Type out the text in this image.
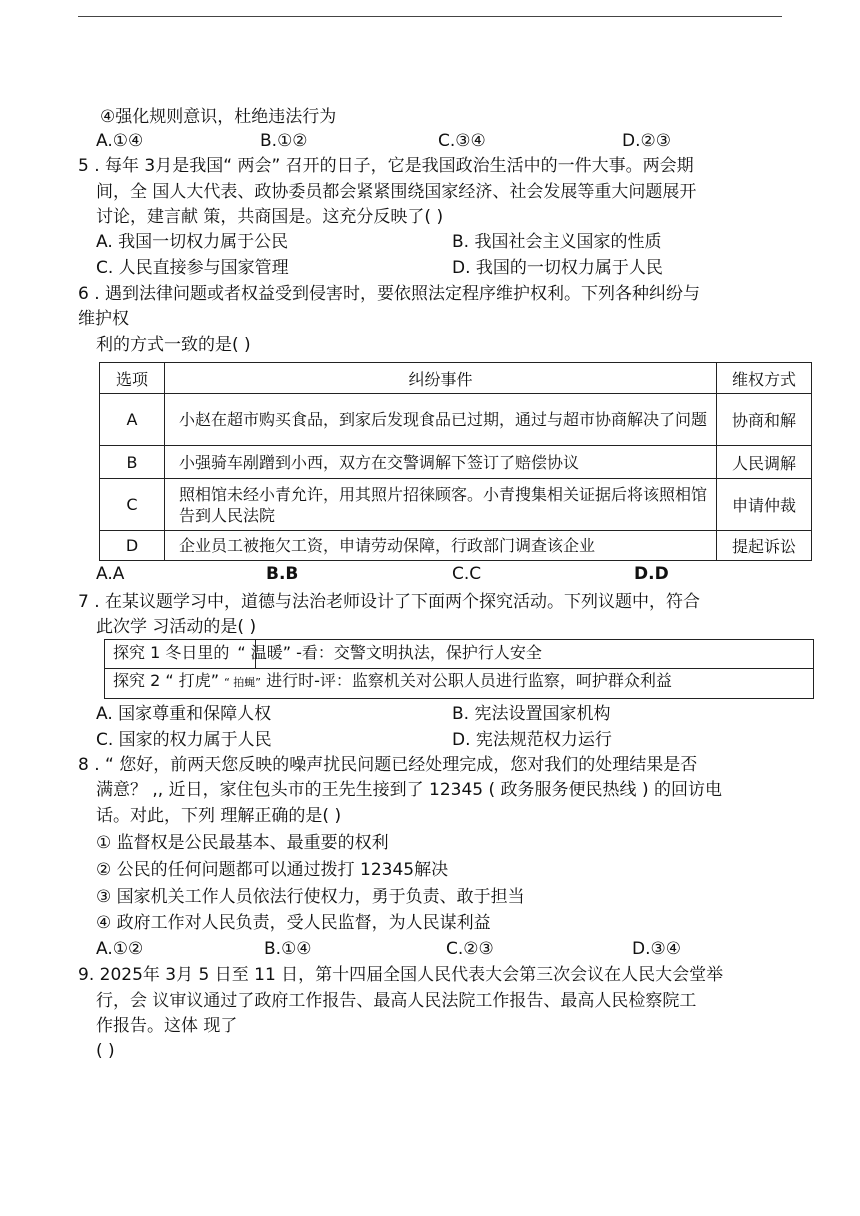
④强化规则意识，杜绝违法行为
A.①④	B.①②	C.③④	D.②③
5 . 每年 3月是我国“ 两会” 召开的日子，它是我国政治生活中的一件大事。两会期
间，全 国人大代表、政协委员都会紧紧围绕国家经济、社会发展等重大问题展开
讨论，建言献 策，共商国是。这充分反映了( )
A. 我国一切权力属于公民	B. 我国社会主义国家的性质
C. 人民直接参与国家管理	D. 我国的一切权力属于人民
6 . 遇到法律问题或者权益受到侵害时，要依照法定程序维护权利。下列各种纠纷与
维护权
利的方式一致的是( )
选项	纠纷事件	维权方式
A	小赵在超市购买食品，到家后发现食品已过期，通过与超市协商解决了问题	协商和解
B	小强骑车剐蹭到小西，双方在交警调解下签订了赔偿协议	人民调解
C	照相馆未经小青允许，用其照片招徕顾客。小青搜集相关证据后将该照相馆告到人民法院	申请仲裁
D	企业员工被拖欠工资，申请劳动保障，行政部门调查该企业	提起诉讼
A.A	B.B	C.C	D.D
7 . 在某议题学习中，道德与法治老师设计了下面两个探究活动。下列议题中，符合
此次学 习活动的是( )
探究 1 冬日里的 “ 温暖” -看：交警文明执法，保护行人安全
探究 2 “ 打虎” “ 拍蝇” 进行时-评：监察机关对公职人员进行监察，呵护群众利益
A. 国家尊重和保障人权	B. 宪法设置国家机构
C. 国家的权力属于人民	D. 宪法规范权力运行
8 . “ 您好，前两天您反映的噪声扰民问题已经处理完成，您对我们的处理结果是否
满意？ ,, 近日，家住包头市的王先生接到了 12345 ( 政务服务便民热线 ) 的回访电
话。对此，下列 理解正确的是( )
① 监督权是公民最基本、最重要的权利
② 公民的任何问题都可以通过拨打 12345解决
③ 国家机关工作人员依法行使权力，勇于负责、敢于担当
④ 政府工作对人民负责，受人民监督，为人民谋利益
A.①②	B.①④	C.②③	D.③④
9. 2025年 3月 5 日至 11 日，第十四届全国人民代表大会第三次会议在人民大会堂举
行，会 议审议通过了政府工作报告、最高人民法院工作报告、最高人民检察院工
作报告。这体 现了
( )
